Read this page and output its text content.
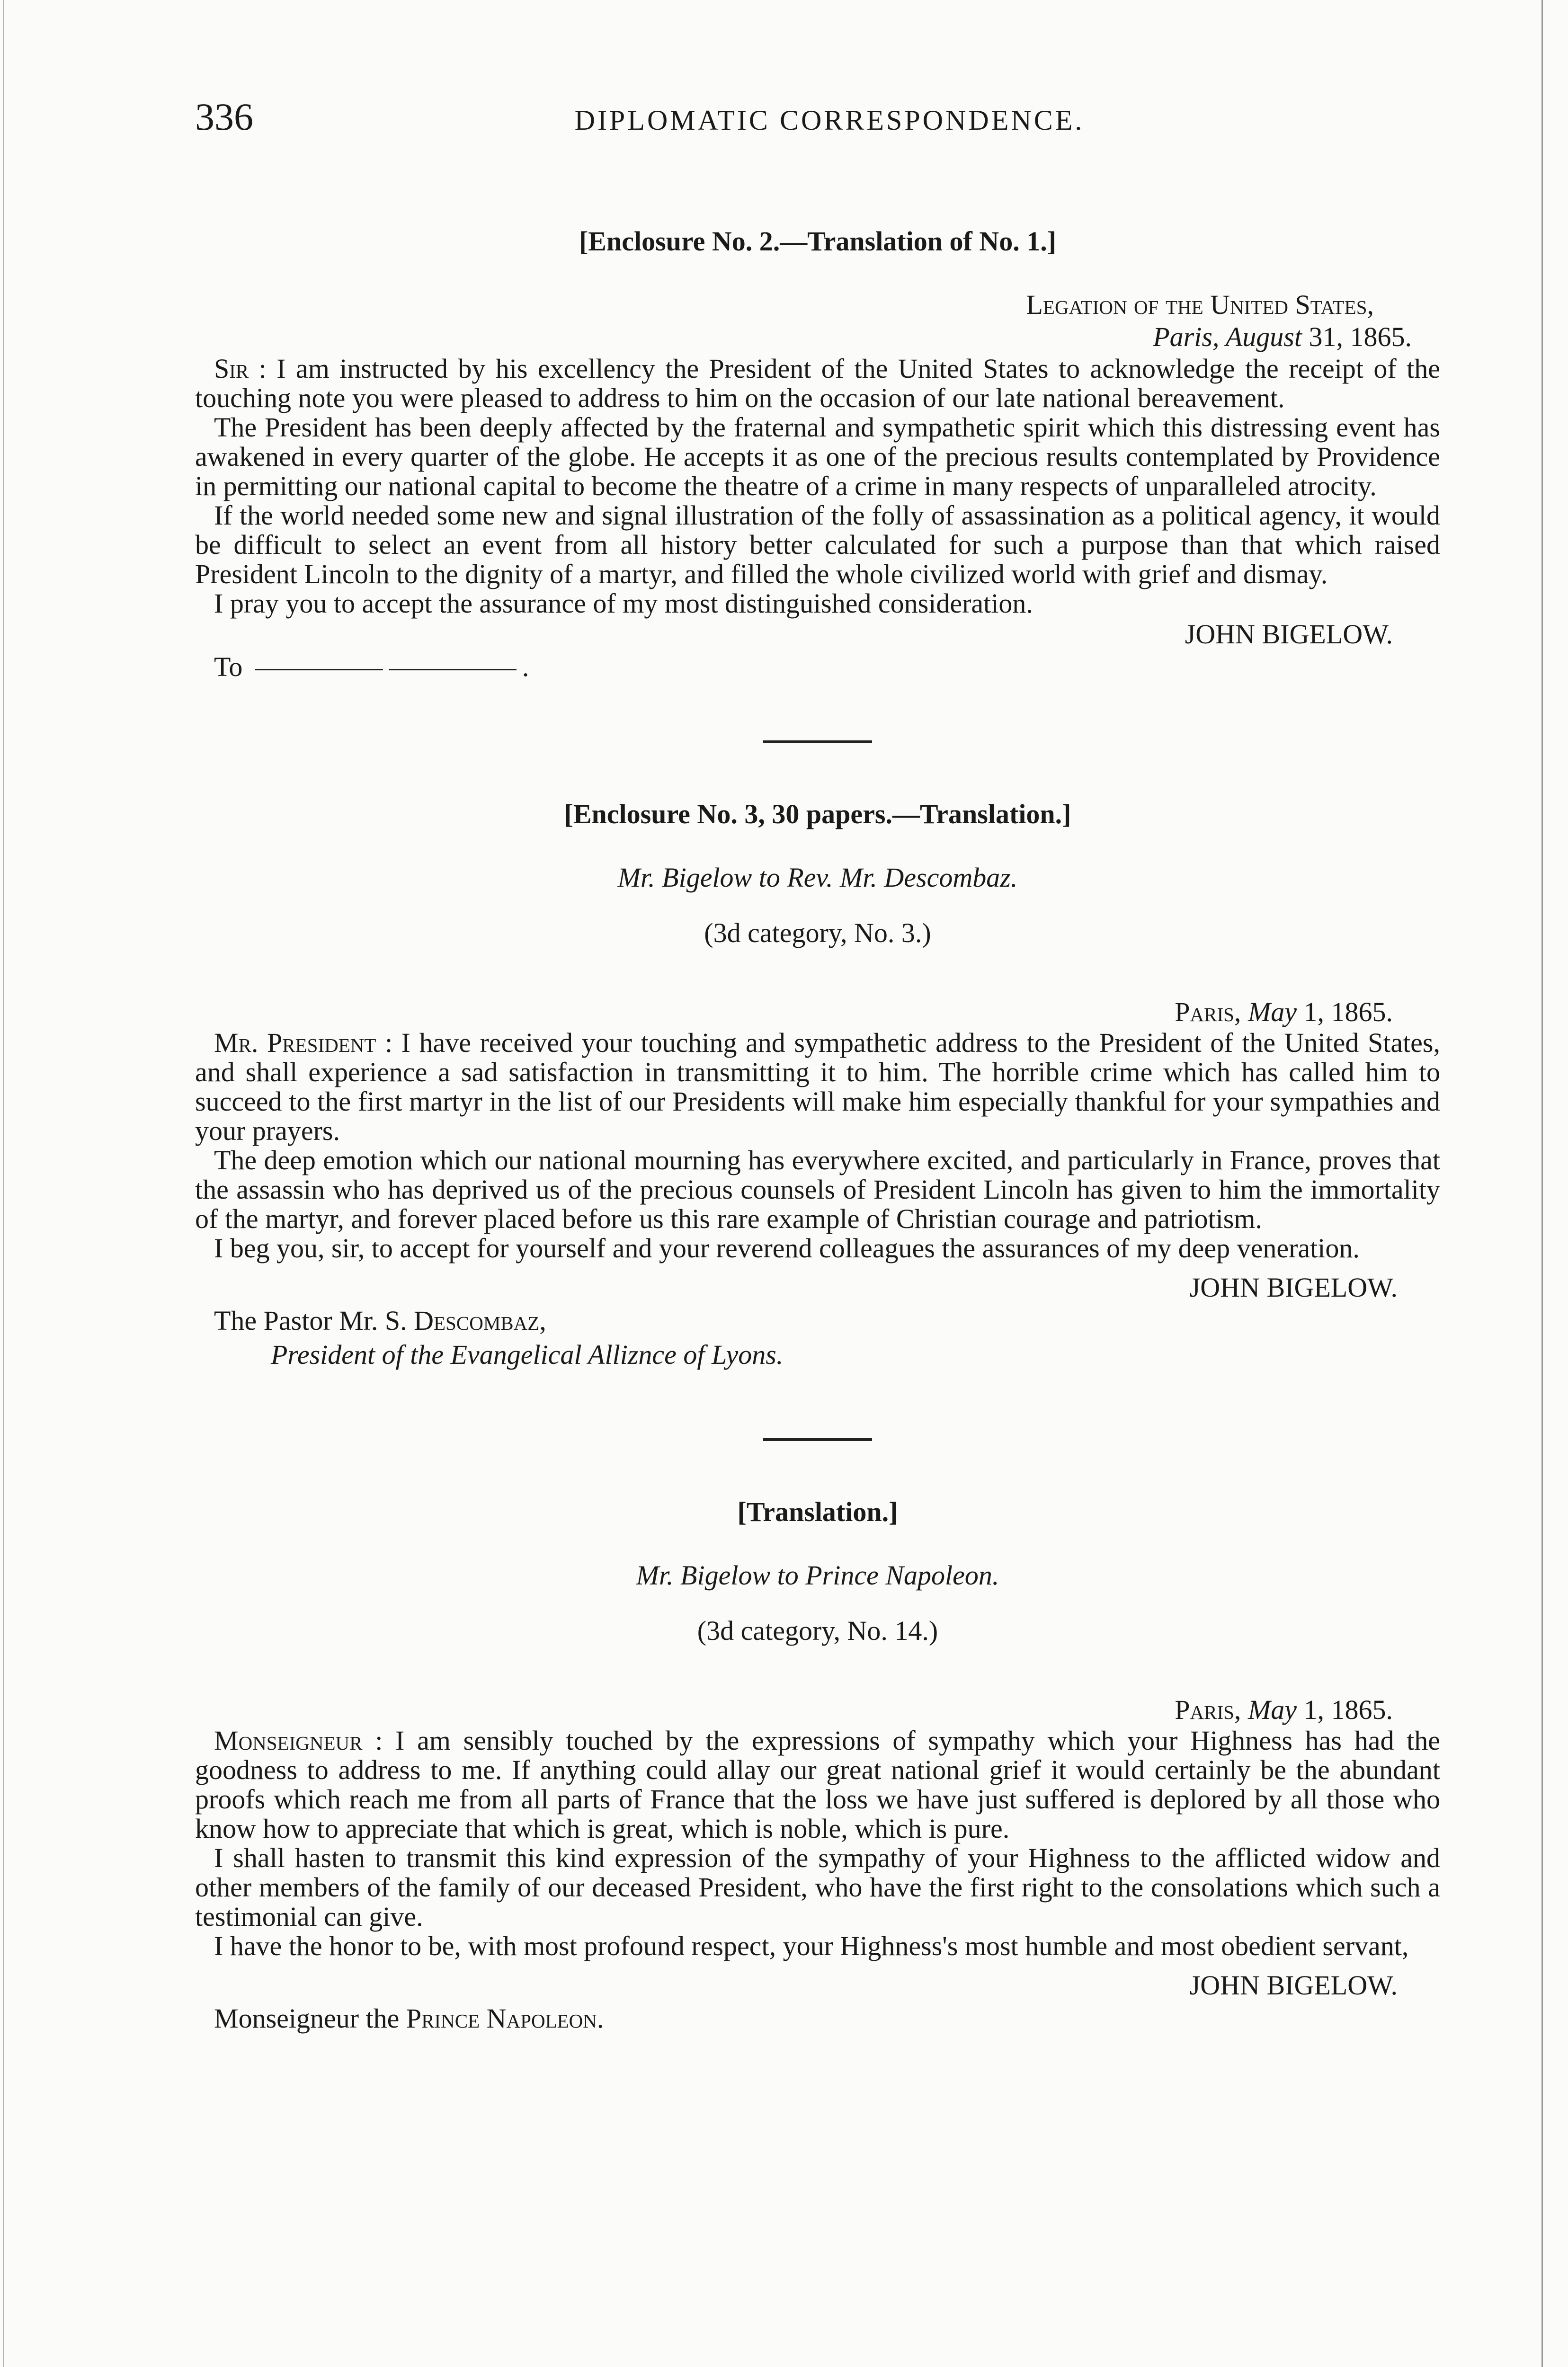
336	DIPLOMATIC CORRESPONDENCE.
[Enclosure No. 2.—Translation of No. 1.]

Legation of the United States,

Paris, August 31, 1865.

Sir : I am instructed by his excellency the President of the United States to acknowledge the receipt of the touching note you were pleased to address to him on the occasion of our late national bereavement.

The President has been deeply affected by the fraternal and sympathetic spirit which this distressing event has awakened in every quarter of the globe. He accepts it as one of the precious results contemplated by Providence in permitting our national capital to become the theatre of a crime in many respects of unparalleled atrocity.

If the world needed some new and signal illustration of the folly of assassination as a political agency, it would be difficult to select an event from all history better calculated for such a purpose than that which raised President Lincoln to the dignity of a martyr, and filled the whole civilized world with grief and dismay.

I pray you to accept the assurance of my most distinguished consideration.

JOHN BIGELOW.

To	.
[Enclosure No. 3, 30 papers.—Translation.]

Mr. Bigelow to Rev. Mr. Descombaz.

(3d category, No. 3.)

Paris, May 1, 1865.

Mr. President : I have received your touching and sympathetic address to the President of the United States, and shall experience a sad satisfaction in transmitting it to him. The horrible crime which has called him to succeed to the first martyr in the list of our Presidents will make him especially thankful for your sympathies and your prayers.

The deep emotion which our national mourning has everywhere excited, and particularly in France, proves that the assassin who has deprived us of the precious counsels of President Lincoln has given to him the immortality of the martyr, and forever placed before us this rare example of Christian courage and patriotism.

I beg you, sir, to accept for yourself and your reverend colleagues the assurances of my deep veneration.

JOHN BIGELOW.

The Pastor Mr. S. Descombaz,

President of the Evangelical Alliznce of Lyons.

[Translation.]

Mr. Bigelow to Prince Napoleon.

(3d category, No. 14.)

Paris, May 1, 1865.

Monseigneur : I am sensibly touched by the expressions of sympathy which your Highness has had the goodness to address to me. If anything could allay our great national grief it would certainly be the abundant proofs which reach me from all parts of France that the loss we have just suffered is deplored by all those who know how to appreciate that which is great, which is noble, which is pure.

I shall hasten to transmit this kind expression of the sympathy of your Highness to the afflicted widow and other members of the family of our deceased President, who have the first right to the consolations which such a testimonial can give.

I have the honor to be, with most profound respect, your Highness's most humble and most obedient servant,

JOHN BIGELOW.

Monseigneur the Prince Napoleon.
